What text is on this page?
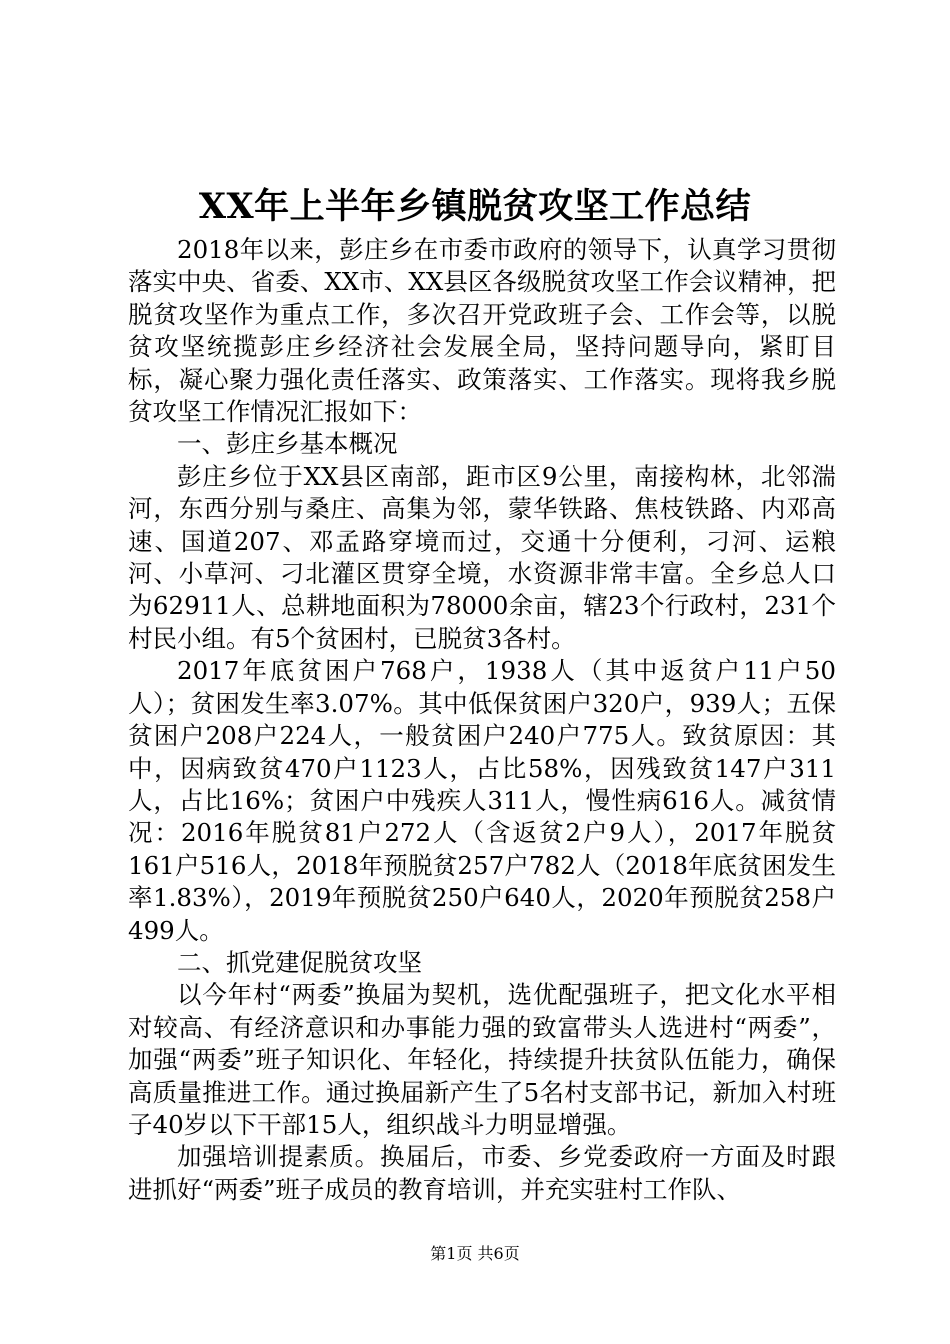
XX年上半年乡镇脱贫攻坚工作总结

2018年以来，彭庄乡在市委市政府的领导下，认真学习贯彻落实中央、省委、XX市、XX县区各级脱贫攻坚工作会议精神，把脱贫攻坚作为重点工作，多次召开党政班子会、工作会等，以脱贫攻坚统揽彭庄乡经济社会发展全局，坚持问题导向，紧盯目标，凝心聚力强化责任落实、政策落实、工作落实。现将我乡脱贫攻坚工作情况汇报如下：

一、彭庄乡基本概况

彭庄乡位于XX县区南部，距市区9公里，南接构林，北邻湍河，东西分别与桑庄、高集为邻，蒙华铁路、焦枝铁路、内邓高速、国道207、邓孟路穿境而过，交通十分便利，刁河、运粮河、小草河、刁北灌区贯穿全境，水资源非常丰富。全乡总人口为62911人、总耕地面积为78000余亩，辖23个行政村，231个村民小组。有5个贫困村，已脱贫3各村。

2017年底贫困户768户，1938人（其中返贫户11户50人）；贫困发生率3.07%。其中低保贫困户320户，939人；五保贫困户208户224人，一般贫困户240户775人。致贫原因：其中，因病致贫470户1123人，占比58%，因残致贫147户311人，占比16%；贫困户中残疾人311人，慢性病616人。减贫情况：2016年脱贫81户272人（含返贫2户9人），2017年脱贫161户516人，2018年预脱贫257户782人（2018年底贫困发生率1.83%），2019年预脱贫250户640人，2020年预脱贫258户499人。

二、抓党建促脱贫攻坚

以今年村“两委”换届为契机，选优配强班子，把文化水平相对较高、有经济意识和办事能力强的致富带头人选进村“两委”，加强“两委”班子知识化、年轻化，持续提升扶贫队伍能力，确保高质量推进工作。通过换届新产生了5名村支部书记，新加入村班子40岁以下干部15人，组织战斗力明显增强。

加强培训提素质。换届后，市委、乡党委政府一方面及时跟进抓好“两委”班子成员的教育培训，并充实驻村工作队、

第1页 共6页
